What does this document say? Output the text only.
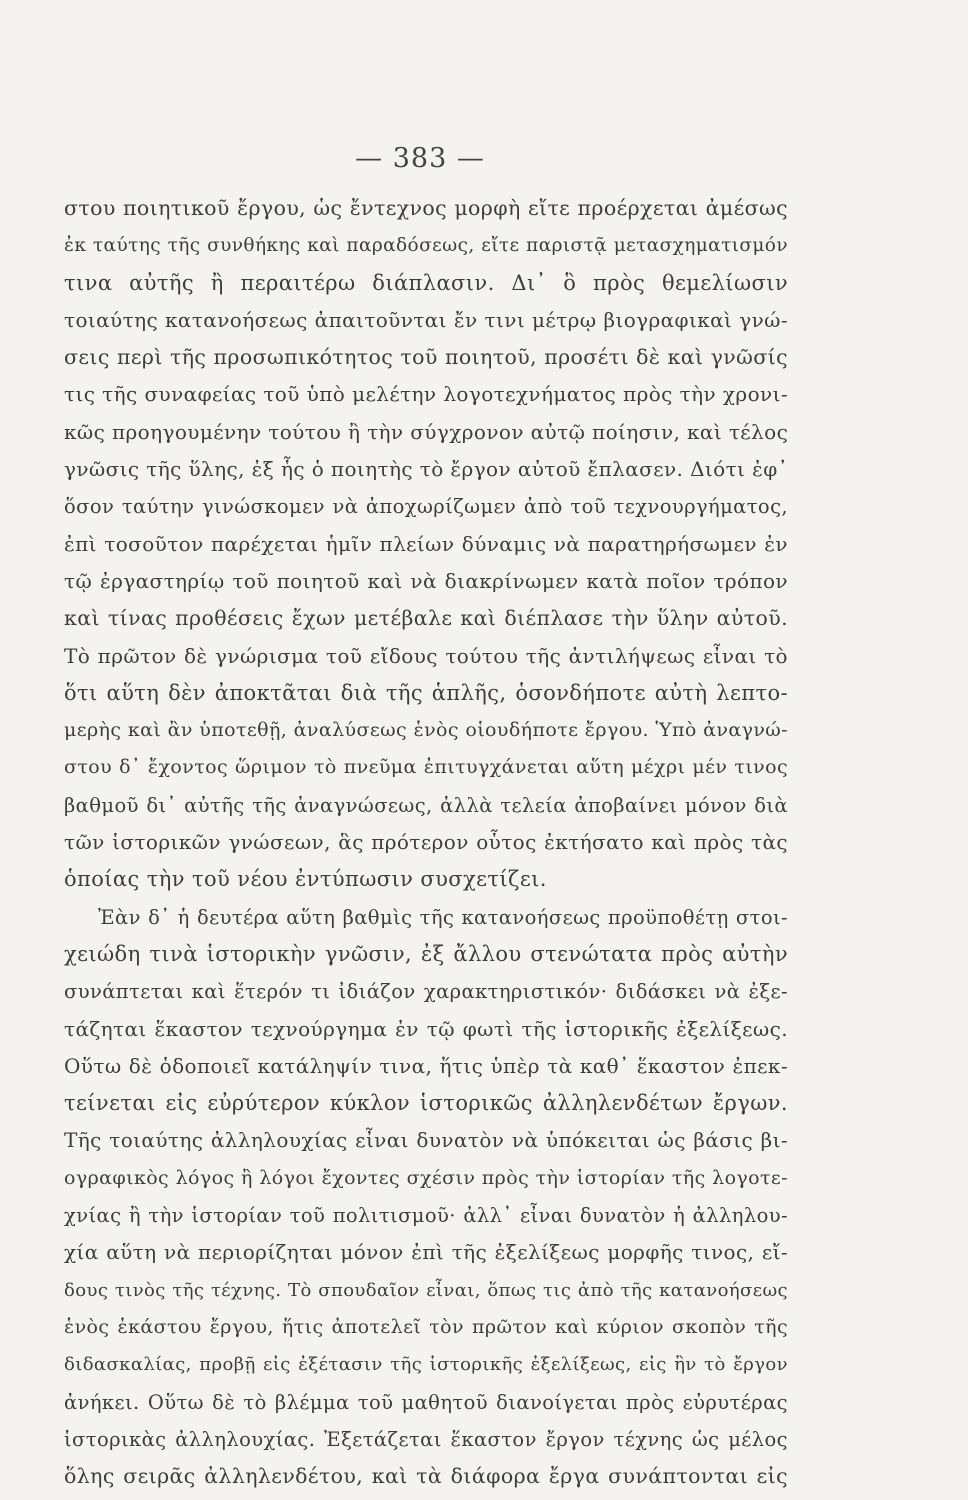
— 383 —
στου ποιητικοῦ ἔργου, ὡς ἔντεχνος μορφὴ εἴτε προέρχεται ἀμέσως
ἐκ ταύτης τῆς συνθήκης καὶ παραδόσεως, εἴτε παριστᾷ μετασχηματισμόν
τινα αὐτῆς ἢ περαιτέρω διάπλασιν. Δι᾽ ὃ πρὸς θεμελίωσιν
τοιαύτης κατανοήσεως ἀπαιτοῦνται ἔν τινι μέτρῳ βιογραφικαὶ γνώ-
σεις περὶ τῆς προσωπικότητος τοῦ ποιητοῦ, προσέτι δὲ καὶ γνῶσίς
τις τῆς συναφείας τοῦ ὑπὸ μελέτην λογοτεχνήματος πρὸς τὴν χρονι-
κῶς προηγουμένην τούτου ἢ τὴν σύγχρονον αὐτῷ ποίησιν, καὶ τέλος
γνῶσις τῆς ὕλης, ἐξ ἧς ὁ ποιητὴς τὸ ἔργον αὐτοῦ ἔπλασεν. Διότι ἐφ᾽
ὅσον ταύτην γινώσκομεν νὰ ἀποχωρίζωμεν ἀπὸ τοῦ τεχνουργήματος,
ἐπὶ τοσοῦτον παρέχεται ἡμῖν πλείων δύναμις νὰ παρατηρήσωμεν ἐν
τῷ ἐργαστηρίῳ τοῦ ποιητοῦ καὶ νὰ διακρίνωμεν κατὰ ποῖον τρόπον
καὶ τίνας προθέσεις ἔχων μετέβαλε καὶ διέπλασε τὴν ὕλην αὐτοῦ.
Τὸ πρῶτον δὲ γνώρισμα τοῦ εἴδους τούτου τῆς ἀντιλήψεως εἶναι τὸ
ὅτι αὕτη δὲν ἀποκτᾶται διὰ τῆς ἁπλῆς, ὁσονδήποτε αὐτὴ λεπτο-
μερὴς καὶ ἂν ὑποτεθῇ, ἀναλύσεως ἑνὸς οἱουδήποτε ἔργου. Ὑπὸ ἀναγνώ-
στου δ᾽ ἔχοντος ὥριμον τὸ πνεῦμα ἐπιτυγχάνεται αὕτη μέχρι μέν τινος
βαθμοῦ δι᾽ αὐτῆς τῆς ἀναγνώσεως, ἀλλὰ τελεία ἀποβαίνει μόνον διὰ
τῶν ἱστορικῶν γνώσεων, ἃς πρότερον οὗτος ἐκτήσατο καὶ πρὸς τὰς
ὁποίας τὴν τοῦ νέου ἐντύπωσιν συσχετίζει.
Ἐὰν δ᾽ ἡ δευτέρα αὕτη βαθμὶς τῆς κατανοήσεως προϋποθέτῃ στοι-
χειώδη τινὰ ἱστορικὴν γνῶσιν, ἐξ ἄλλου στενώτατα πρὸς αὐτὴν
συνάπτεται καὶ ἕτερόν τι ἰδιάζον χαρακτηριστικόν· διδάσκει νὰ ἐξε-
τάζηται ἕκαστον τεχνούργημα ἐν τῷ φωτὶ τῆς ἱστορικῆς ἐξελίξεως.
Οὕτω δὲ ὁδοποιεῖ κατάληψίν τινα, ἥτις ὑπὲρ τὰ καθ᾽ ἕκαστον ἐπεκ-
τείνεται εἰς εὐρύτερον κύκλον ἱστορικῶς ἀλληλενδέτων ἔργων.
Τῆς τοιαύτης ἀλληλουχίας εἶναι δυνατὸν νὰ ὑπόκειται ὡς βάσις βι-
ογραφικὸς λόγος ἢ λόγοι ἔχοντες σχέσιν πρὸς τὴν ἱστορίαν τῆς λογοτε-
χνίας ἢ τὴν ἱστορίαν τοῦ πολιτισμοῦ· ἀλλ᾽ εἶναι δυνατὸν ἡ ἀλληλου-
χία αὕτη νὰ περιορίζηται μόνον ἐπὶ τῆς ἐξελίξεως μορφῆς τινος, εἴ-
δους τινὸς τῆς τέχνης. Τὸ σπουδαῖον εἶναι, ὅπως τις ἀπὸ τῆς κατανοήσεως
ἑνὸς ἑκάστου ἔργου, ἥτις ἀποτελεῖ τὸν πρῶτον καὶ κύριον σκοπὸν τῆς
διδασκαλίας, προβῇ εἰς ἐξέτασιν τῆς ἱστορικῆς ἐξελίξεως, εἰς ἣν τὸ ἔργον
ἀνήκει. Οὕτω δὲ τὸ βλέμμα τοῦ μαθητοῦ διανοίγεται πρὸς εὐρυτέρας
ἱστορικὰς ἀλληλουχίας. Ἐξετάζεται ἕκαστον ἔργον τέχνης ὡς μέλος
ὅλης σειρᾶς ἀλληλενδέτου, καὶ τὰ διάφορα ἔργα συνάπτονται εἰς
